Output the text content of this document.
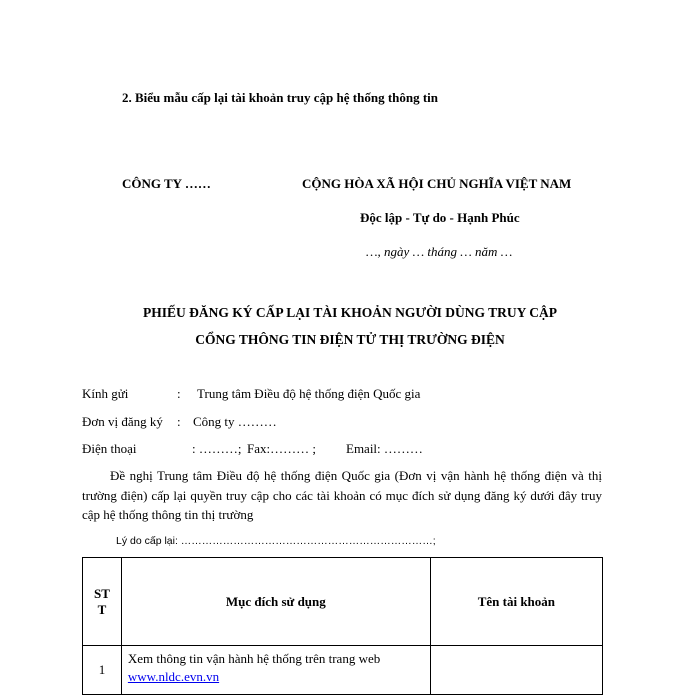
2. Biểu mẫu cấp lại tài khoản truy cập hệ thống thông tin
CÔNG TY ……	CỘNG HÒA XÃ HỘI CHỦ NGHĨA VIỆT NAM
Độc lập - Tự do - Hạnh Phúc
…, ngày … tháng … năm …
PHIẾU ĐĂNG KÝ CẤP LẠI TÀI KHOẢN NGƯỜI DÙNG TRUY CẬP
CỔNG THÔNG TIN ĐIỆN TỬ THỊ TRƯỜNG ĐIỆN
Kính gửi	: Trung tâm Điều độ hệ thống điện Quốc gia
Đơn vị đăng ký : Công ty ………
Điện thoại	: ………; Fax:……… ; Email: ………
Đề nghị Trung tâm Điều độ hệ thống điện Quốc gia (Đơn vị vận hành hệ thống điện và thị trường điện) cấp lại quyền truy cập cho các tài khoản có mục đích sử dụng đăng ký dưới đây truy cập hệ thống thông tin thị trường
Lý do cấp lại: ………………………………………………………………;
ST
T	Mục đích sử dụng	Tên tài khoản
1	Xem thông tin vận hành hệ thống trên trang web
www.nldc.evn.vn	
